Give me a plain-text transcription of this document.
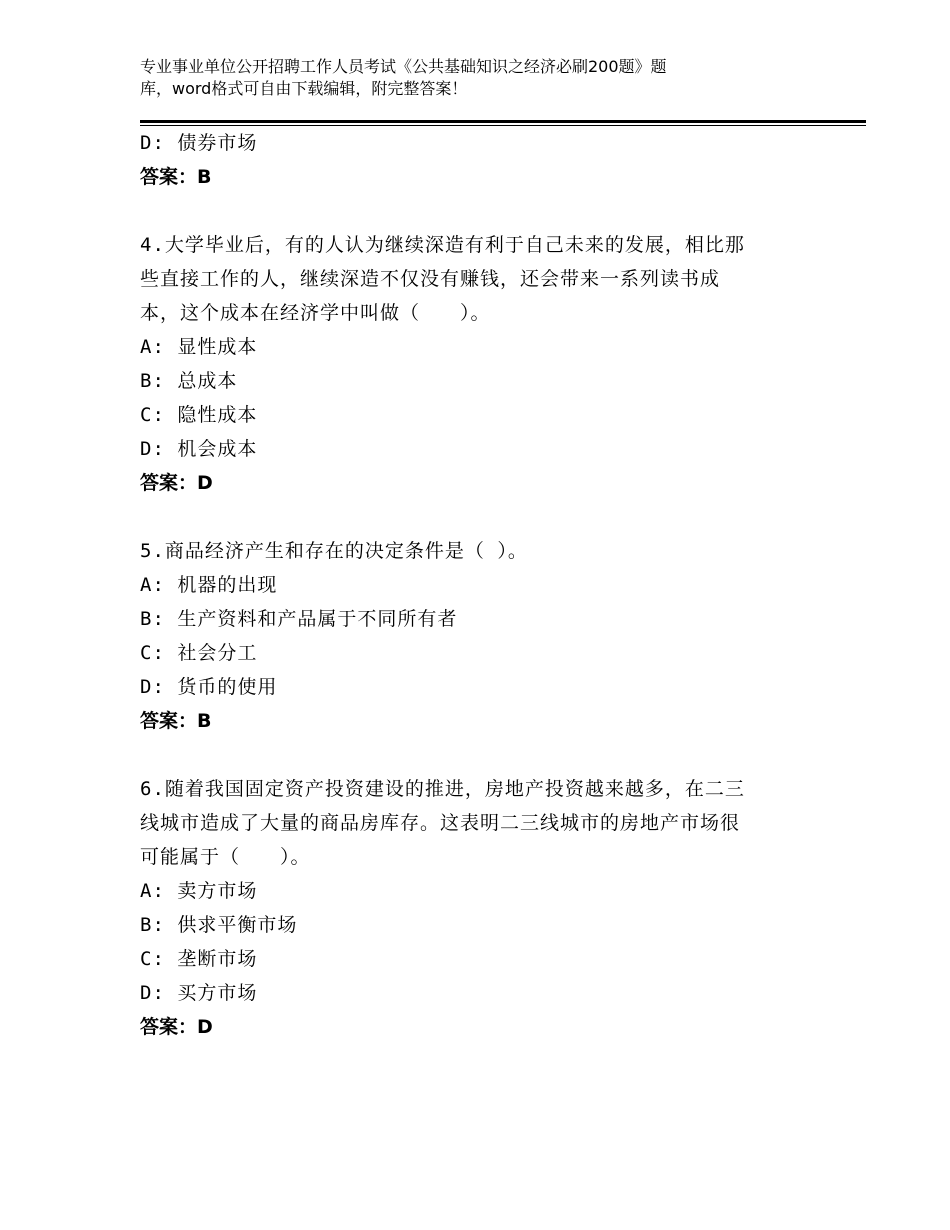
专业事业单位公开招聘工作人员考试《公共基础知识之经济必刷200题》题
库，word格式可自由下载编辑，附完整答案！
D: 债券市场
答案：B
4.大学毕业后，有的人认为继续深造有利于自己未来的发展，相比那
些直接工作的人，继续深造不仅没有赚钱，还会带来一系列读书成
本，这个成本在经济学中叫做（　　）。
A: 显性成本
B: 总成本
C: 隐性成本
D: 机会成本
答案：D
5.商品经济产生和存在的决定条件是（ ）。
A: 机器的出现
B: 生产资料和产品属于不同所有者
C: 社会分工
D: 货币的使用
答案：B
6.随着我国固定资产投资建设的推进，房地产投资越来越多，在二三
线城市造成了大量的商品房库存。这表明二三线城市的房地产市场很
可能属于（　　）。
A: 卖方市场
B: 供求平衡市场
C: 垄断市场
D: 买方市场
答案：D
